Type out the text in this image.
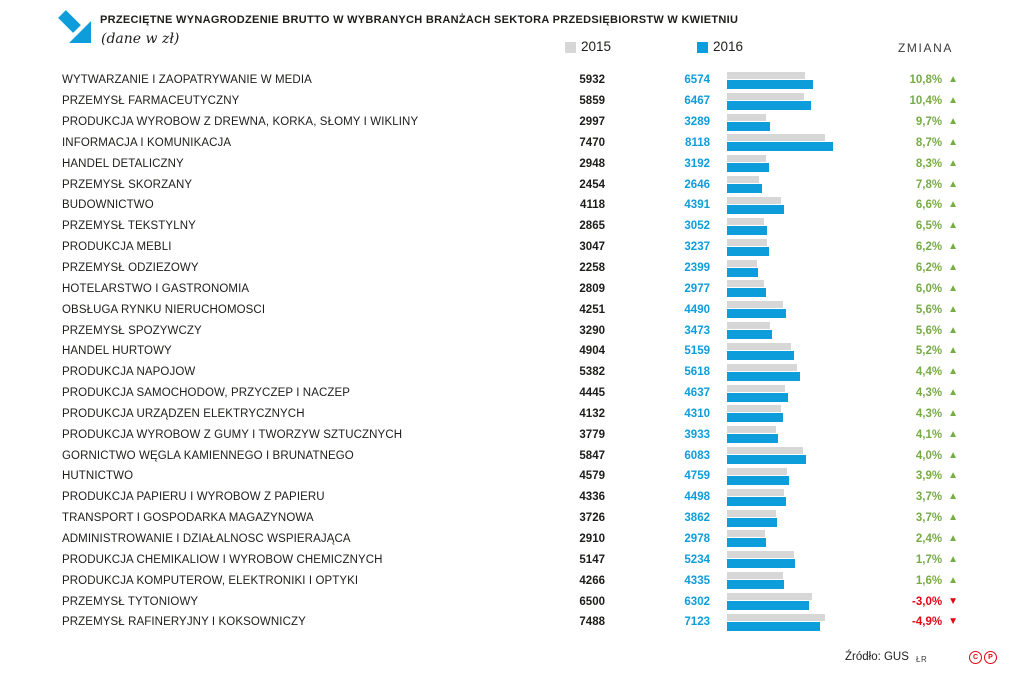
PRZECIĘTNE WYNAGRODZENIE BRUTTO W WYBRANYCH BRANŻACH SEKTORA PRZEDSIĘBIORSTW W KWIETNIU
(dane w zł)	2015	2016	ZMIANA
WYTWARZANIE I ZAOPATRYWANIE W MEDIA	5932	6574	10,8% ▲
PRZEMYSŁ FARMACEUTYCZNY	5859	6467	10,4% ▲
PRODUKCJA WYROBÓW Z DREWNA, KORKA, SŁOMY I WIKLINY	2997	3289	9,7% ▲
INFORMACJA I KOMUNIKACJA	7470	8118	8,7% ▲
HANDEL DETALICZNY	2948	3192	8,3% ▲
PRZEMYSŁ SKÓRZANY	2454	2646	7,8% ▲
BUDOWNICTWO	4118	4391	6,6% ▲
PRZEMYSŁ TEKSTYLNY	2865	3052	6,5% ▲
PRODUKCJA MEBLI	3047	3237	6,2% ▲
PRZEMYSŁ ODZIEŻOWY	2258	2399	6,2% ▲
HOTELARSTWO I GASTRONOMIA	2809	2977	6,0% ▲
OBSŁUGA RYNKU NIERUCHOMOŚCI	4251	4490	5,6% ▲
PRZEMYSŁ SPOŻYWCZY	3290	3473	5,6% ▲
HANDEL HURTOWY	4904	5159	5,2% ▲
PRODUKCJA NAPOJÓW	5382	5618	4,4% ▲
PRODUKCJA SAMOCHODÓW, PRZYCZEP I NACZEP	4445	4637	4,3% ▲
PRODUKCJA URZĄDZEŃ ELEKTRYCZNYCH	4132	4310	4,3% ▲
PRODUKCJA WYROBÓW Z GUMY I TWORZYW SZTUCZNYCH	3779	3933	4,1% ▲
GÓRNICTWO WĘGLA KAMIENNEGO I BRUNATNEGO	5847	6083	4,0% ▲
HUTNICTWO	4579	4759	3,9% ▲
PRODUKCJA PAPIERU I WYROBÓW Z PAPIERU	4336	4498	3,7% ▲
TRANSPORT I GOSPODARKA MAGAZYNOWA	3726	3862	3,7% ▲
ADMINISTROWANIE I DZIAŁALNOŚĆ WSPIERAJĄCA	2910	2978	2,4% ▲
PRODUKCJA CHEMIKALIÓW I WYROBÓW CHEMICZNYCH	5147	5234	1,7% ▲
PRODUKCJA KOMPUTERÓW, ELEKTRONIKI I OPTYKI	4266	4335	1,6% ▲
PRZEMYSŁ TYTONIOWY	6500	6302	-3,0% ▼
PRZEMYSŁ RAFINERYJNY I KOKSOWNICZY	7488	7123	-4,9% ▼
Źródło: GUS ŁR	C	P
